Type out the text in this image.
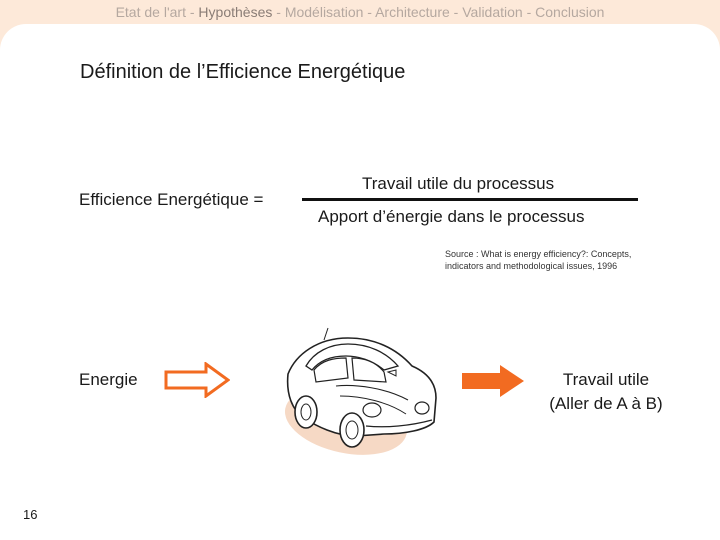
Etat de l'art - Hypothèses - Modélisation - Architecture - Validation - Conclusion
Définition de l’Efficience Energétique
Efficience Energétique =
Travail utile du processus
Apport d’énergie dans le processus
Source : What is energy efficiency?: Concepts,
indicators and methodological issues, 1996
Energie	Travail utile
(Aller de A à B)
16
